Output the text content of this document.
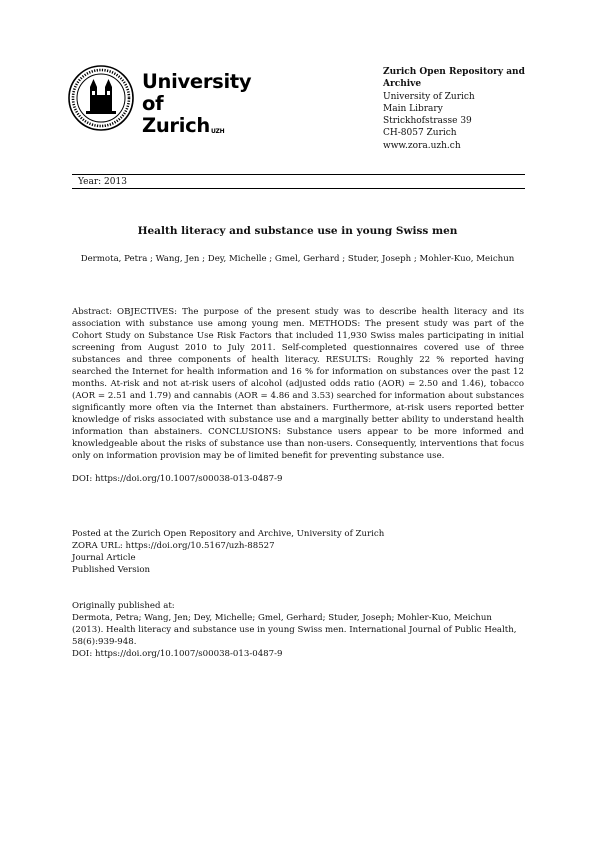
University of
Zurich$^{UZH}$
Zurich Open Repository and Archive
University of Zurich
Main Library
Strickhofstrasse 39
CH-8057 Zurich
www.zora.uzh.ch
Year: 2013
Health literacy and substance use in young Swiss men
Dermota, Petra ; Wang, Jen ; Dey, Michelle ; Gmel, Gerhard ; Studer, Joseph ; Mohler-Kuo, Meichun
Abstract: OBJECTIVES: The purpose of the present study was to describe health literacy and its association with substance use among young men. METHODS: The present study was part of the Cohort Study on Substance Use Risk Factors that included 11,930 Swiss males participating in initial screening from August 2010 to July 2011. Self-completed questionnaires covered use of three substances and three components of health literacy. RESULTS: Roughly 22 % reported having searched the Internet for health information and 16 % for information on substances over the past 12 months. At-risk and not at-risk users of alcohol (adjusted odds ratio (AOR) = 2.50 and 1.46), tobacco (AOR = 2.51 and 1.79) and cannabis (AOR = 4.86 and 3.53) searched for information about substances significantly more often via the Internet than abstainers. Furthermore, at-risk users reported better knowledge of risks associated with substance use and a marginally better ability to understand health information than abstainers. CONCLUSIONS: Substance users appear to be more informed and knowledgeable about the risks of substance use than non-users. Consequently, interventions that focus only on information provision may be of limited benefit for preventing substance use.
DOI: https://doi.org/10.1007/s00038-013-0487-9
Posted at the Zurich Open Repository and Archive, University of Zurich
ZORA URL: https://doi.org/10.5167/uzh-88527
Journal Article
Published Version
Originally published at:
Dermota, Petra; Wang, Jen; Dey, Michelle; Gmel, Gerhard; Studer, Joseph; Mohler-Kuo, Meichun (2013). Health literacy and substance use in young Swiss men. International Journal of Public Health, 58(6):939-948.
DOI: https://doi.org/10.1007/s00038-013-0487-9
